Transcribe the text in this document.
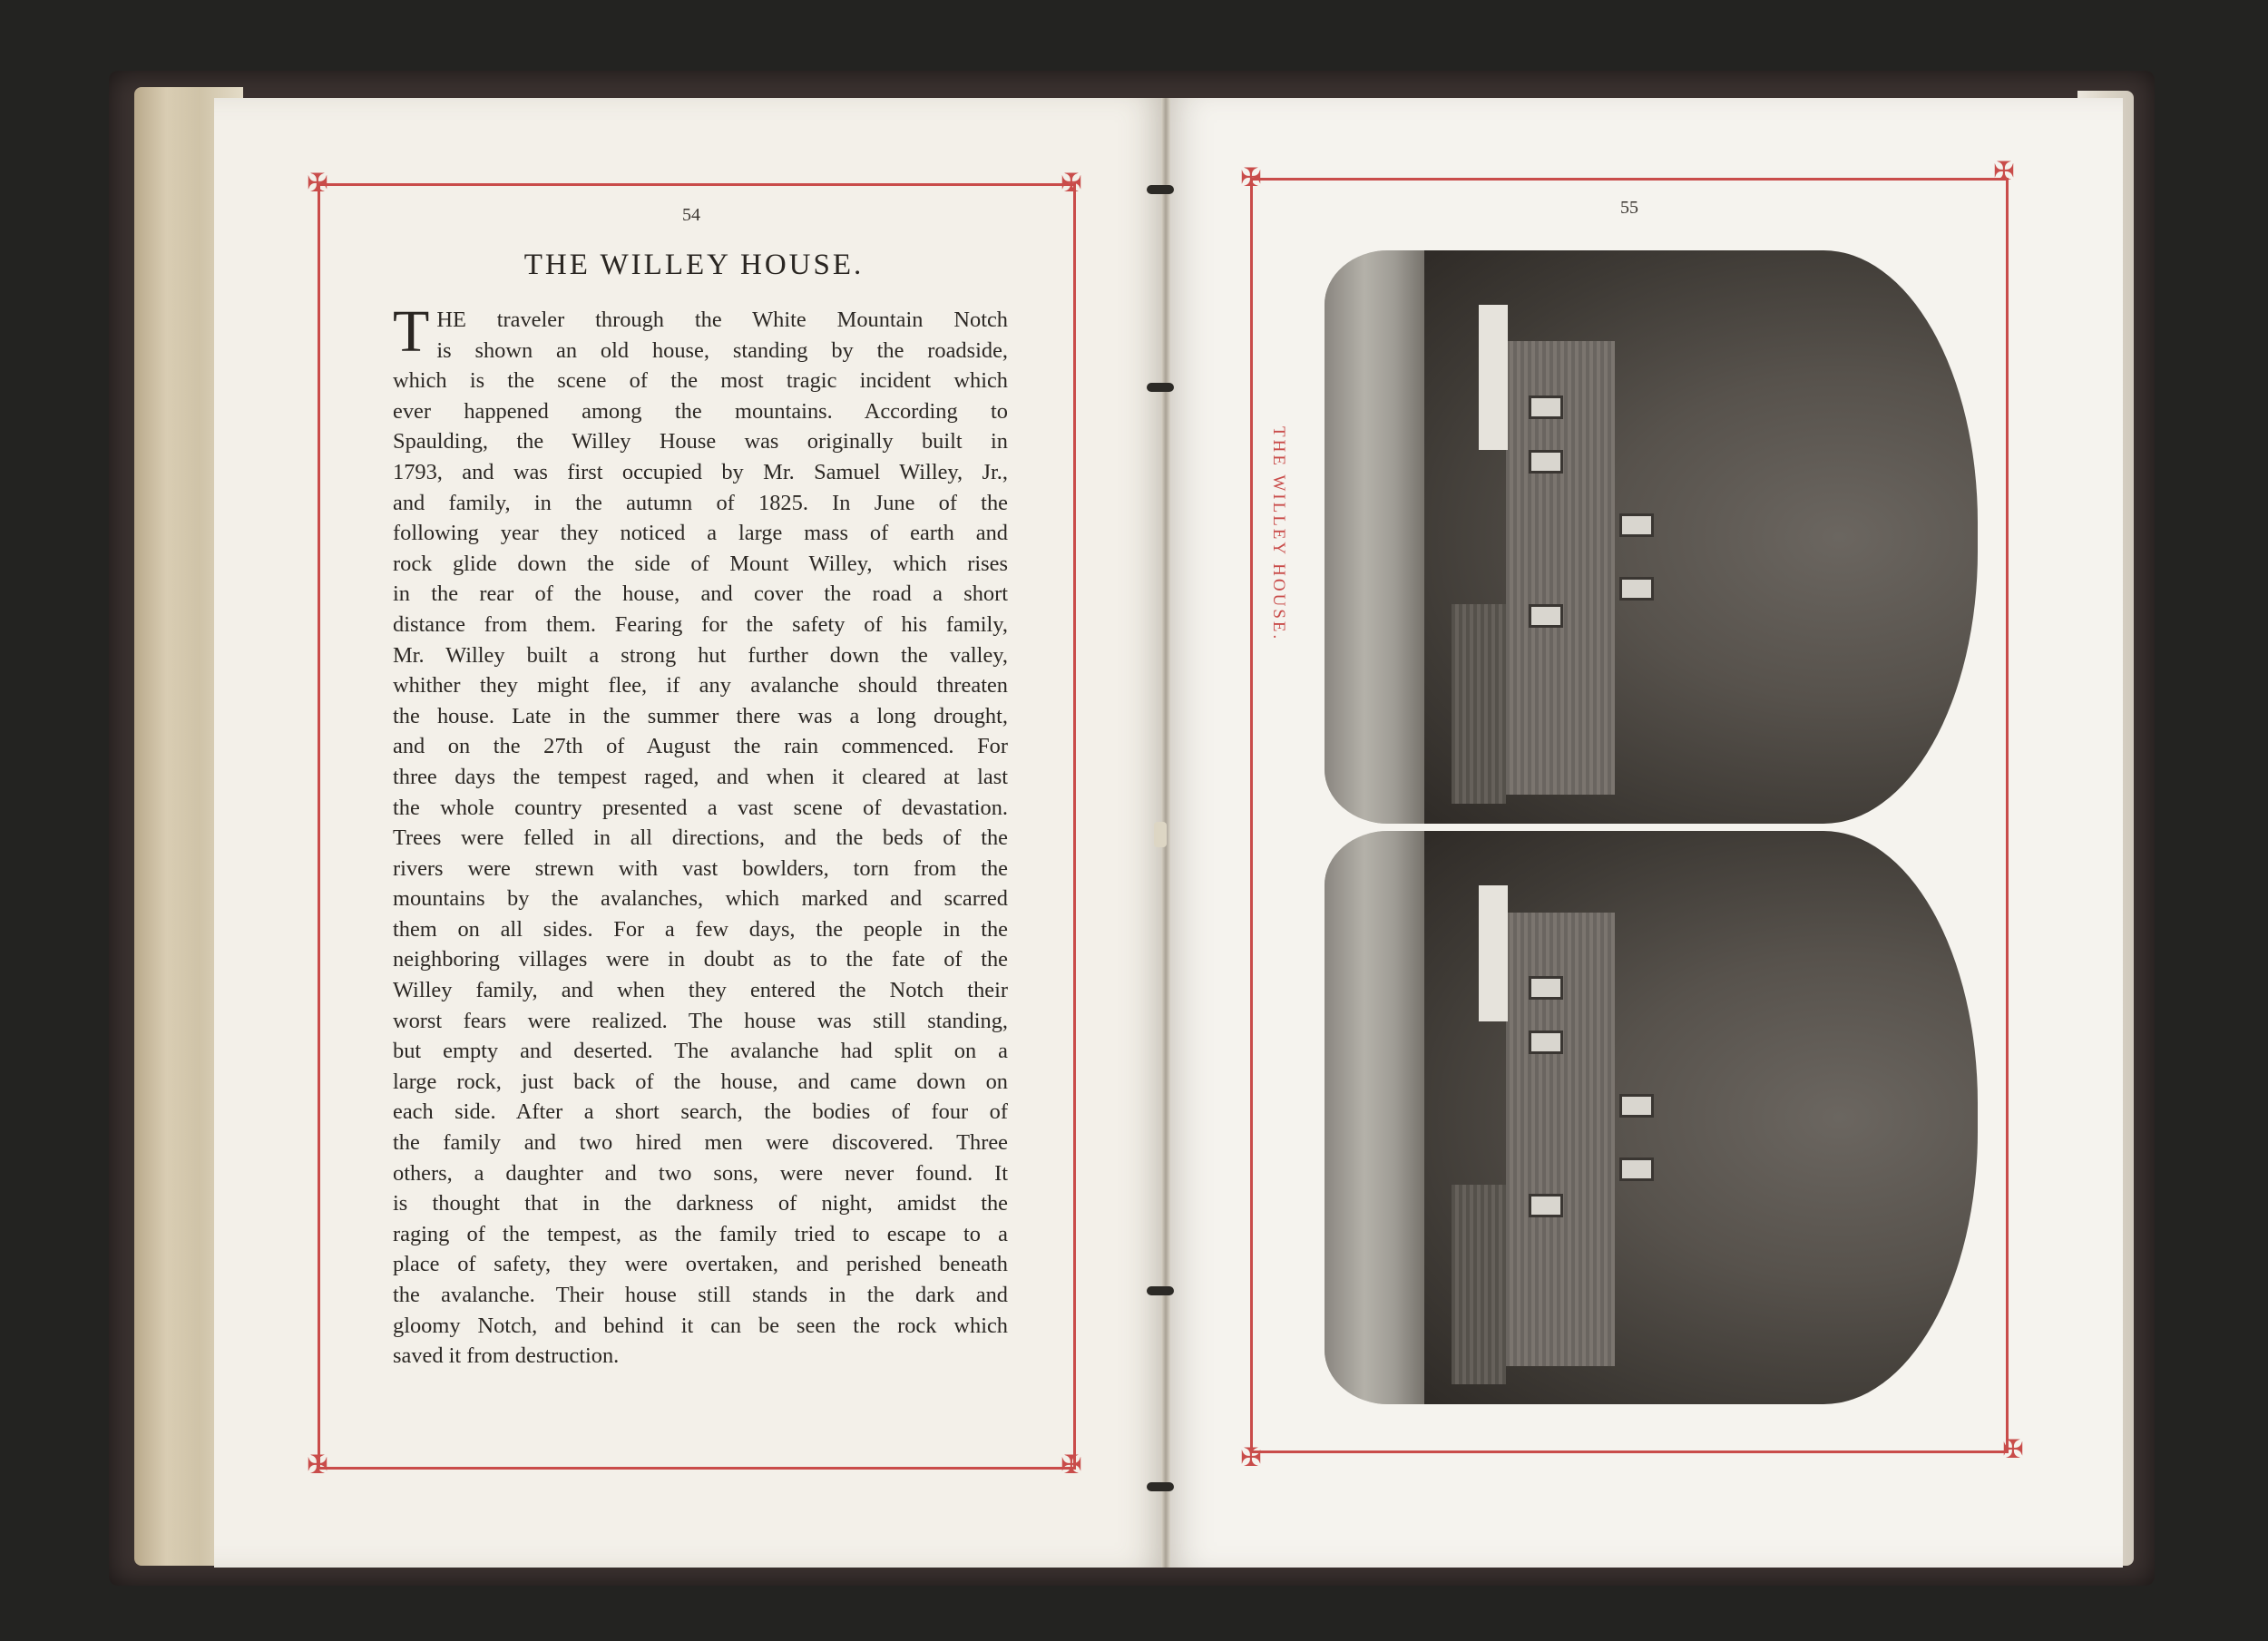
✠	✠
✠	✠
✠	✠
✠	✠
54
THE WILLEY HOUSE.
T HE traveler through the White Mountain Notch
is shown an old house, standing by the roadside,
which is the scene of the most tragic incident which
ever happened among the mountains. According to
Spaulding, the Willey House was originally built in
1793, and was first occupied by Mr. Samuel Willey, Jr.,
and family, in the autumn of 1825. In June of the
following year they noticed a large mass of earth and
rock glide down the side of Mount Willey, which rises
in the rear of the house, and cover the road a short
distance from them. Fearing for the safety of his family,
Mr. Willey built a strong hut further down the valley,
whither they might flee, if any avalanche should threaten
the house. Late in the summer there was a long drought,
and on the 27th of August the rain commenced. For
three days the tempest raged, and when it cleared at last
the whole country presented a vast scene of devastation.
Trees were felled in all directions, and the beds of the
rivers were strewn with vast bowlders, torn from the
mountains by the avalanches, which marked and scarred
them on all sides. For a few days, the people in the
neighboring villages were in doubt as to the fate of the
Willey family, and when they entered the Notch their
worst fears were realized. The house was still standing,
but empty and deserted. The avalanche had split on a
large rock, just back of the house, and came down on
each side. After a short search, the bodies of four of
the family and two hired men were discovered. Three
others, a daughter and two sons, were never found. It
is thought that in the darkness of night, amidst the
raging of the tempest, as the family tried to escape to a
place of safety, they were overtaken, and perished beneath
the avalanche. Their house still stands in the dark and
gloomy Notch, and behind it can be seen the rock which
saved it from destruction.
55
THE WILLEY HOUSE.
